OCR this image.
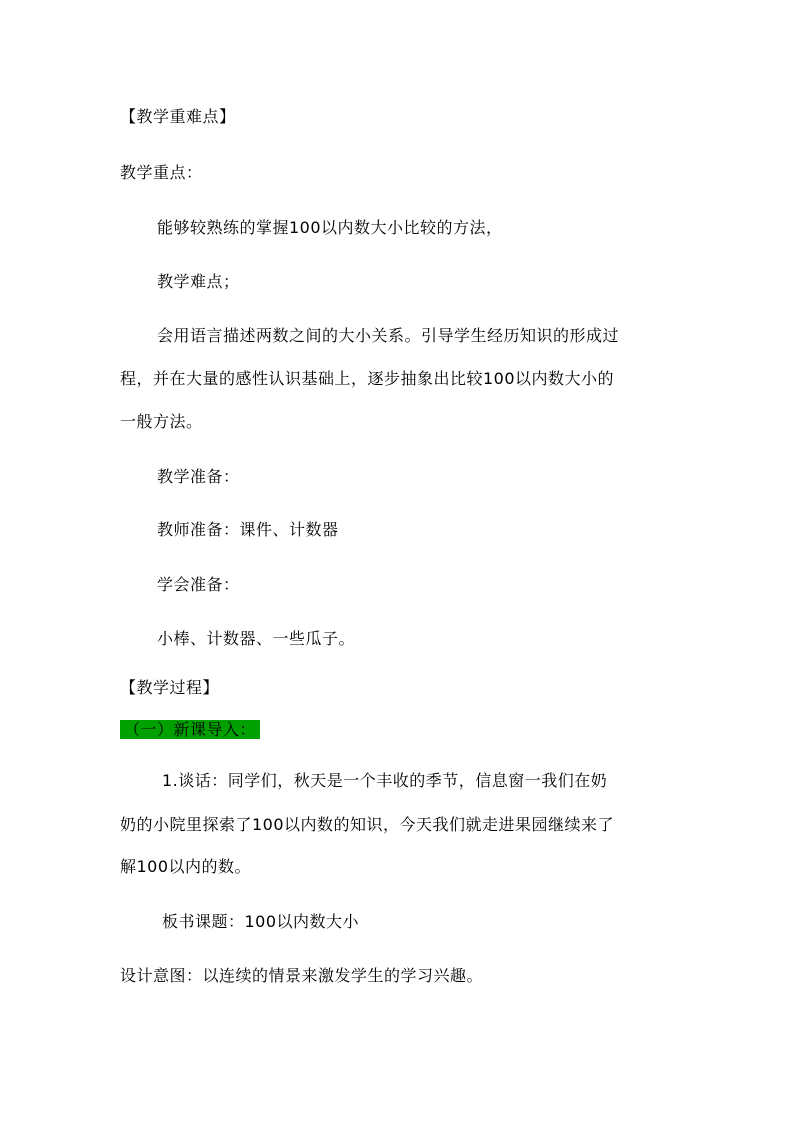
【教学重难点】
教学重点：
能够较熟练的掌握100以内数大小比较的方法，
教学难点；
会用语言描述两数之间的大小关系。引导学生经历知识的形成过
程，并在大量的感性认识基础上，逐步抽象出比较100以内数大小的
一般方法。
教学准备：
教师准备：课件、计数器
学会准备：
小棒、计数器、一些瓜子。
【教学过程】
（一）新课导入：
1.谈话：同学们，秋天是一个丰收的季节，信息窗一我们在奶
奶的小院里探索了100以内数的知识，今天我们就走进果园继续来了
解100以内的数。
板书课题：100以内数大小
设计意图：以连续的情景来激发学生的学习兴趣。
